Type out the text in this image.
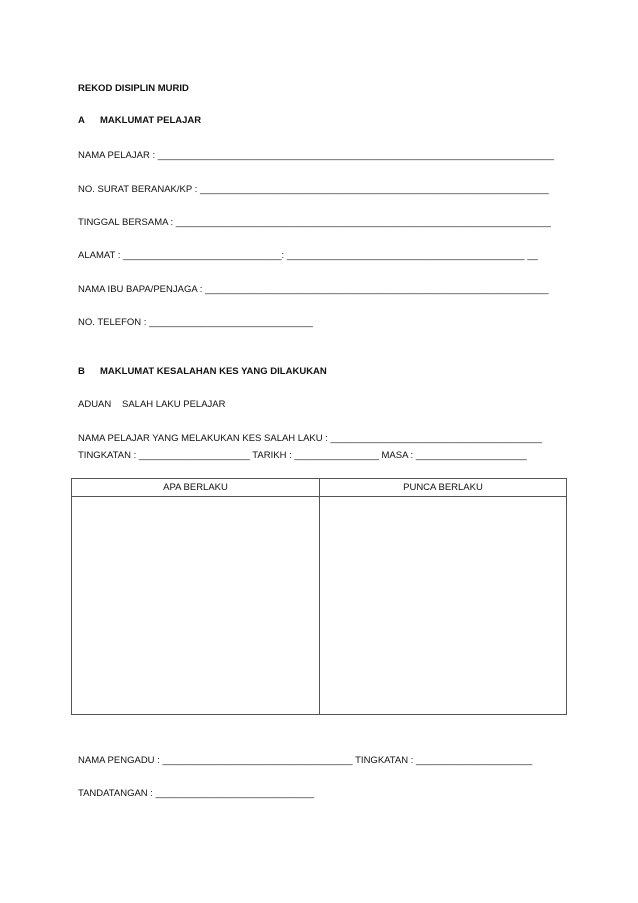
REKOD DISIPLIN MURID
A MAKLUMAT PELAJAR
NAMA PELAJAR : ___________________________________________________________________________
NO. SURAT BERANAK/KP : __________________________________________________________________
TINGGAL BERSAMA : _______________________________________________________________________
ALAMAT : ______________________________: _____________________________________________ __
NAMA IBU BAPA/PENJAGA : _________________________________________________________________
NO. TELEFON : _______________________________
B MAKLUMAT KESALAHAN KES YANG DILAKUKAN
ADUAN SALAH LAKU PELAJAR
NAMA PELAJAR YANG MELAKUKAN KES SALAH LAKU : ________________________________________
TINGKATAN : _____________________ TARIKH : ________________ MASA : _____________________
APA BERLAKU	PUNCA BERLAKU
NAMA PENGADU : ____________________________________ TINGKATAN : ______________________
TANDATANGAN : ______________________________
